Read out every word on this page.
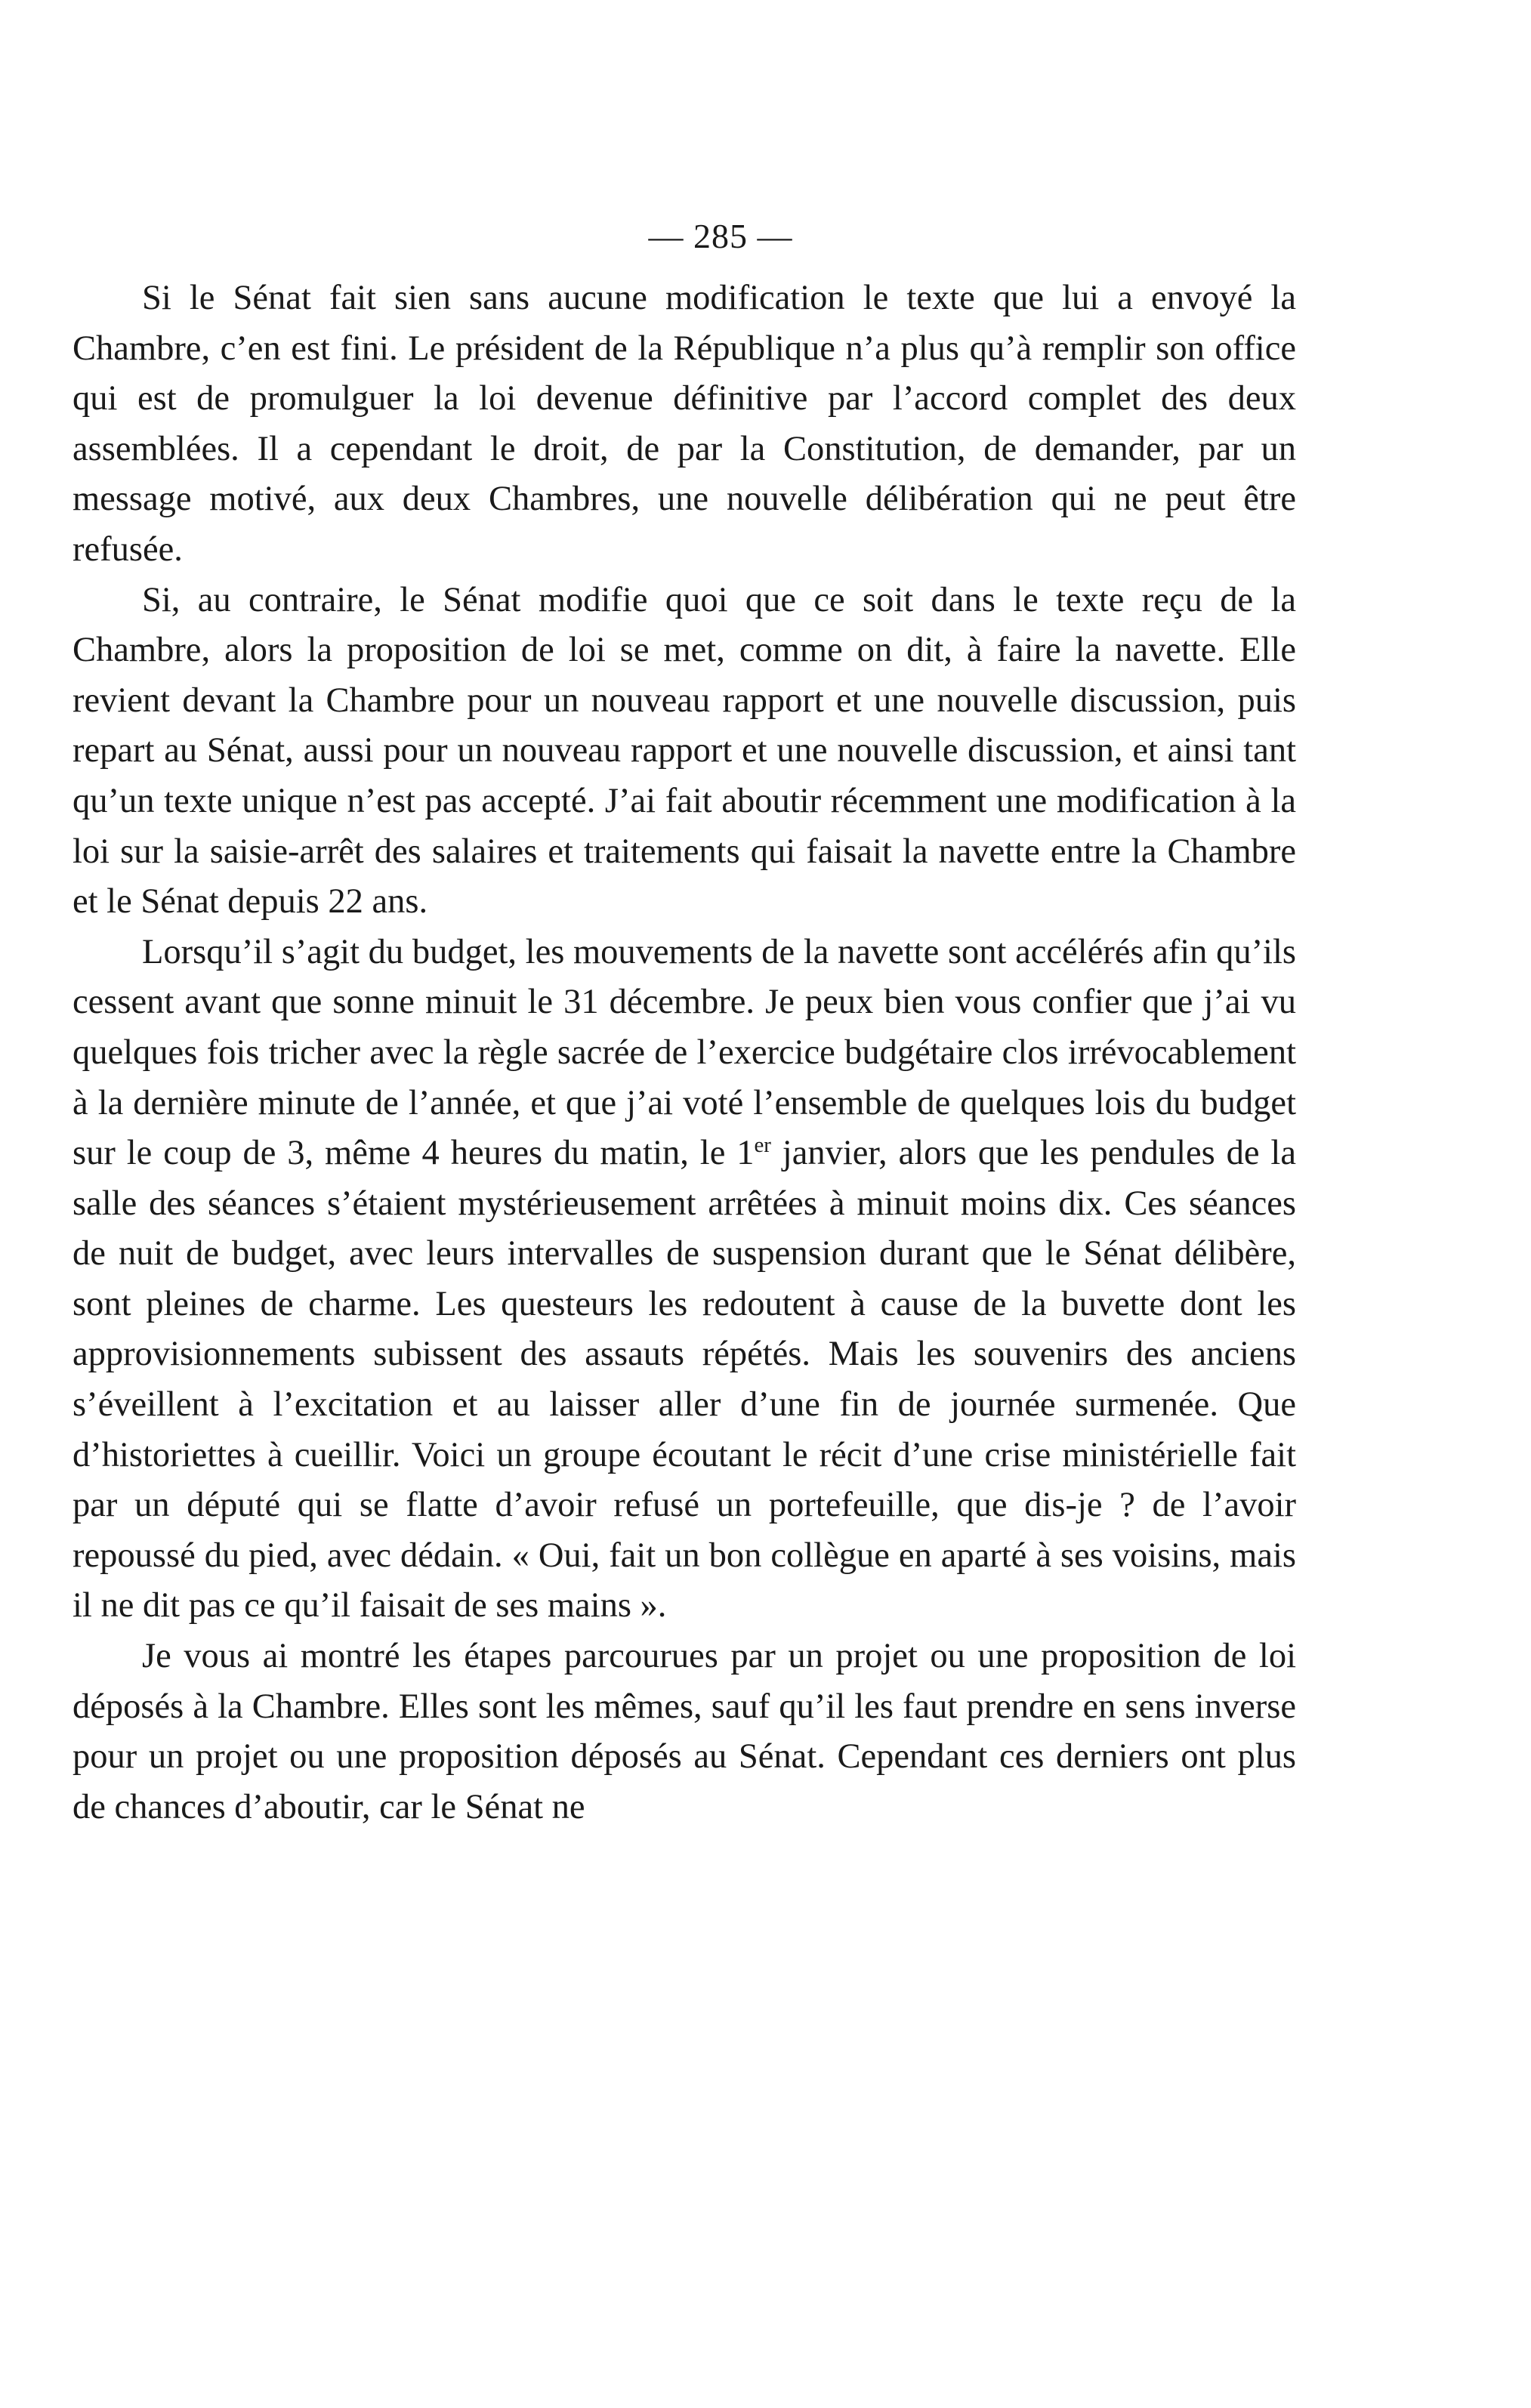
— 285 —

Si le Sénat fait sien sans aucune modification le texte que lui a envoyé la Chambre, c’en est fini. Le président de la République n’a plus qu’à remplir son office qui est de promulguer la loi devenue définitive par l’accord complet des deux assemblées. Il a cependant le droit, de par la Constitution, de demander, par un message motivé, aux deux Chambres, une nouvelle délibération qui ne peut être refusée.

Si, au contraire, le Sénat modifie quoi que ce soit dans le texte reçu de la Chambre, alors la proposition de loi se met, comme on dit, à faire la navette. Elle revient devant la Chambre pour un nouveau rapport et une nouvelle discussion, puis repart au Sénat, aussi pour un nouveau rapport et une nouvelle discussion, et ainsi tant qu’un texte unique n’est pas accepté. J’ai fait aboutir récemment une modification à la loi sur la saisie-arrêt des salaires et traitements qui faisait la navette entre la Chambre et le Sénat depuis 22 ans.

Lorsqu’il s’agit du budget, les mouvements de la navette sont accélérés afin qu’ils cessent avant que sonne minuit le 31 décembre. Je peux bien vous confier que j’ai vu quelques fois tricher avec la règle sacrée de l’exercice budgétaire clos irrévocablement à la dernière minute de l’année, et que j’ai voté l’ensemble de quelques lois du budget sur le coup de 3, même 4 heures du matin, le 1er janvier, alors que les pendules de la salle des séances s’étaient mystérieusement arrêtées à minuit moins dix. Ces séances de nuit de budget, avec leurs intervalles de suspension durant que le Sénat délibère, sont pleines de charme. Les questeurs les redoutent à cause de la buvette dont les approvisionnements subissent des assauts répétés. Mais les souvenirs des anciens s’éveillent à l’excitation et au laisser aller d’une fin de journée surmenée. Que d’historiettes à cueillir. Voici un groupe écoutant le récit d’une crise ministérielle fait par un député qui se flatte d’avoir refusé un portefeuille, que dis-je ? de l’avoir repoussé du pied, avec dédain. « Oui, fait un bon collègue en aparté à ses voisins, mais il ne dit pas ce qu’il faisait de ses mains ».

Je vous ai montré les étapes parcourues par un projet ou une proposition de loi déposés à la Chambre. Elles sont les mêmes, sauf qu’il les faut prendre en sens inverse pour un projet ou une proposition déposés au Sénat. Cependant ces derniers ont plus de chances d’aboutir, car le Sénat ne
